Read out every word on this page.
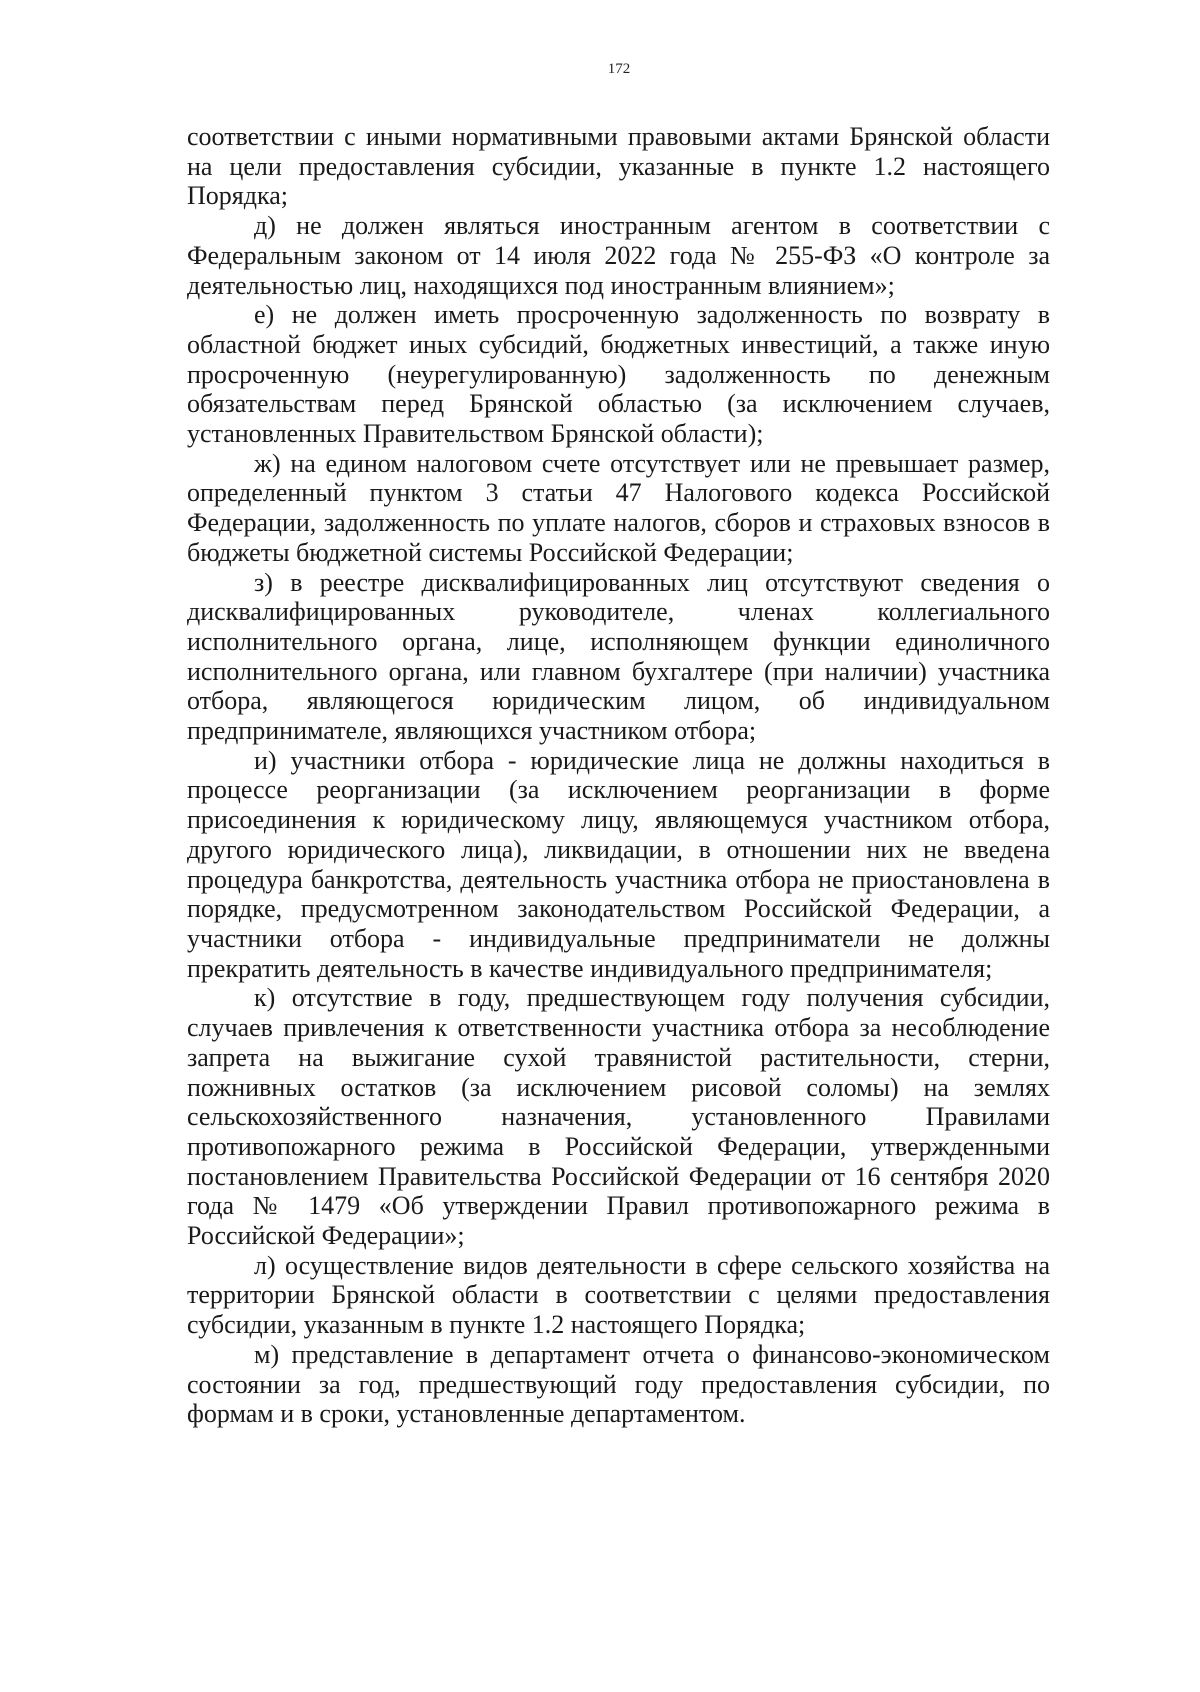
172

соответствии с иными нормативными правовыми актами Брянской области на цели предоставления субсидии, указанные в пункте 1.2 настоящего Порядка;

д) не должен являться иностранным агентом в соответствии с Федеральным законом от 14 июля 2022 года № 255-ФЗ «О контроле за деятельностью лиц, находящихся под иностранным влиянием»;

е) не должен иметь просроченную задолженность по возврату в областной бюджет иных субсидий, бюджетных инвестиций, а также иную просроченную (неурегулированную) задолженность по денежным обязательствам перед Брянской областью (за исключением случаев, установленных Правительством Брянской области);

ж) на едином налоговом счете отсутствует или не превышает размер, определенный пунктом 3 статьи 47 Налогового кодекса Российской Федерации, задолженность по уплате налогов, сборов и страховых взносов в бюджеты бюджетной системы Российской Федерации;

з) в реестре дисквалифицированных лиц отсутствуют сведения о дисквалифицированных руководителе, членах коллегиального исполнительного органа, лице, исполняющем функции единоличного исполнительного органа, или главном бухгалтере (при наличии) участника отбора, являющегося юридическим лицом, об индивидуальном предпринимателе, являющихся участником отбора;

и) участники отбора - юридические лица не должны находиться в процессе реорганизации (за исключением реорганизации в форме присоединения к юридическому лицу, являющемуся участником отбора, другого юридического лица), ликвидации, в отношении них не введена процедура банкротства, деятельность участника отбора не приостановлена в порядке, предусмотренном законодательством Российской Федерации, а участники отбора - индивидуальные предприниматели не должны прекратить деятельность в качестве индивидуального предпринимателя;

к) отсутствие в году, предшествующем году получения субсидии, случаев привлечения к ответственности участника отбора за несоблюдение запрета на выжигание сухой травянистой растительности, стерни, пожнивных остатков (за исключением рисовой соломы) на землях сельскохозяйственного назначения, установленного Правилами противопожарного режима в Российской Федерации, утвержденными постановлением Правительства Российской Федерации от 16 сентября 2020 года № 1479 «Об утверждении Правил противопожарного режима в Российской Федерации»;

л) осуществление видов деятельности в сфере сельского хозяйства на территории Брянской области в соответствии с целями предоставления субсидии, указанным в пункте 1.2 настоящего Порядка;

м) представление в департамент отчета о финансово-экономическом состоянии за год, предшествующий году предоставления субсидии, по формам и в сроки, установленные департаментом.
